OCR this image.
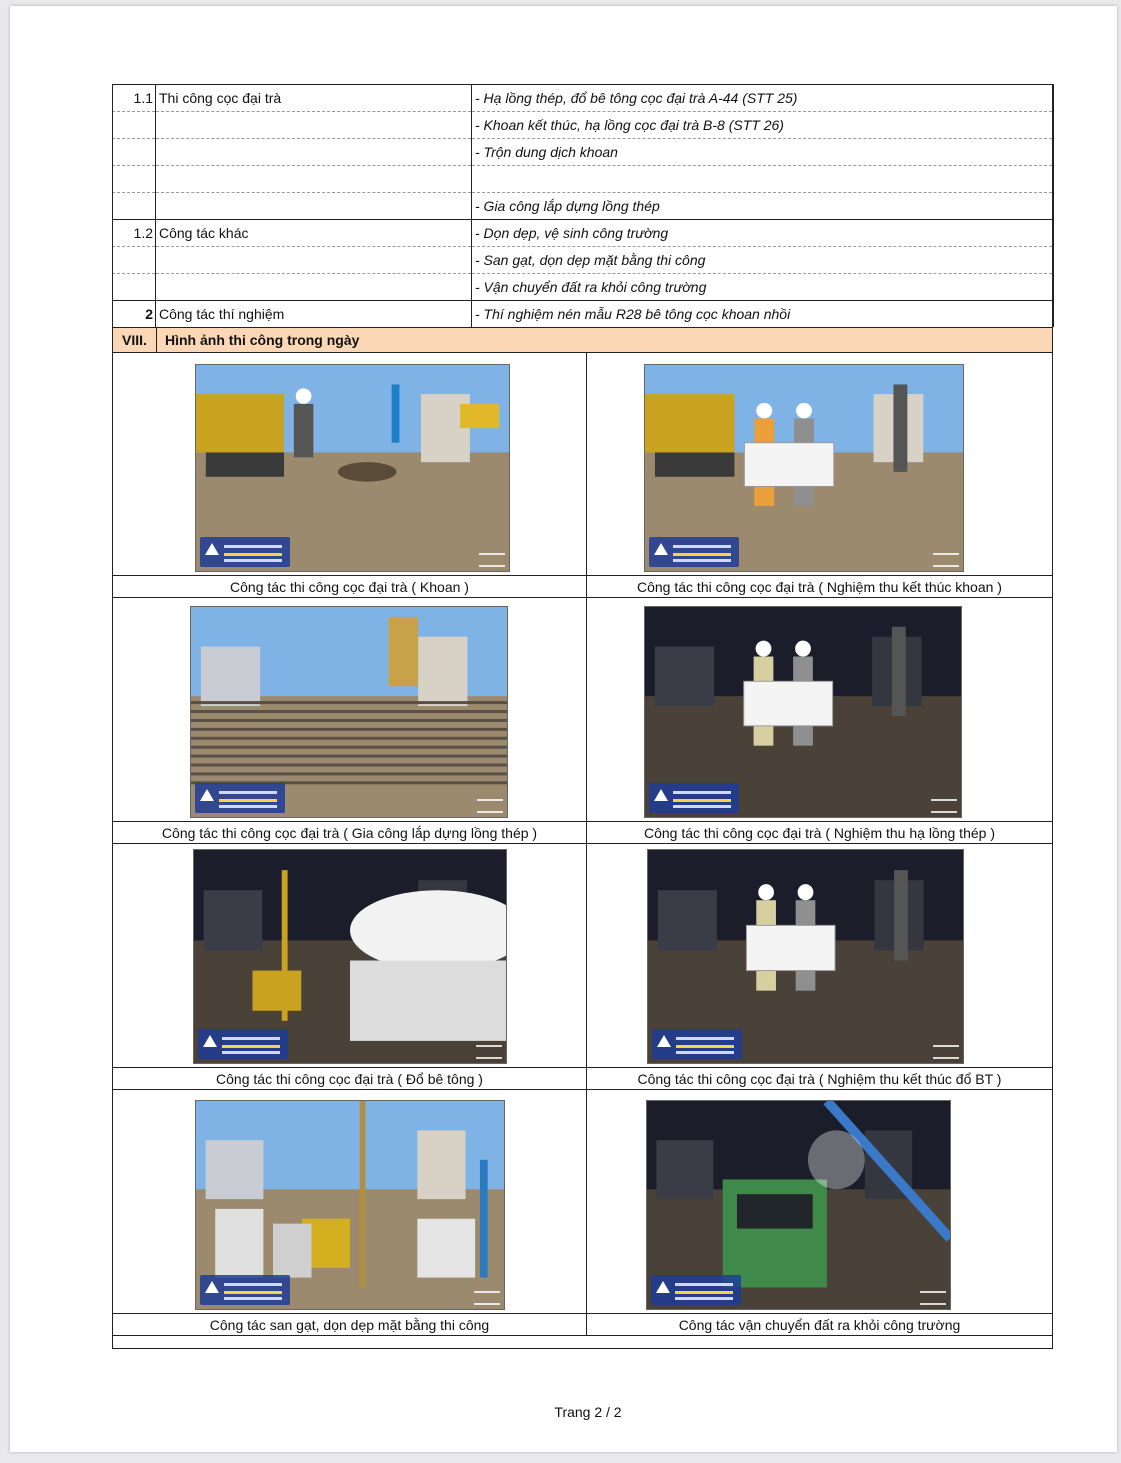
1.1	Thi công cọc đại trà	- Hạ lồng thép, đổ bê tông cọc đại trà A-44 (STT 25)
		- Khoan kết thúc, hạ lồng cọc đại trà B-8 (STT 26)
		- Trộn dung dịch khoan

		- Gia công lắp dựng lồng thép
1.2	Công tác khác	- Dọn dẹp, vệ sinh công trường
		- San gạt, dọn dẹp mặt bằng thi công
		- Vận chuyển đất ra khỏi công trường
2	Công tác thí nghiệm	- Thí nghiệm nén mẫu R28 bê tông cọc khoan nhồi
VIII.	Hình ảnh thi công trong ngày
Công tác thi công cọc đại trà ( Khoan )	Công tác thi công cọc đại trà ( Nghiệm thu kết thúc khoan )
Công tác thi công cọc đại trà ( Gia công lắp dựng lồng thép )	Công tác thi công cọc đại trà ( Nghiệm thu hạ lồng thép )
Công tác thi công cọc đại trà ( Đổ bê tông )	Công tác thi công cọc đại trà ( Nghiệm thu kết thúc đổ BT )
Công tác san gạt, dọn dẹp mặt bằng thi công	Công tác vận chuyển đất ra khỏi công trường
Trang 2 / 2
